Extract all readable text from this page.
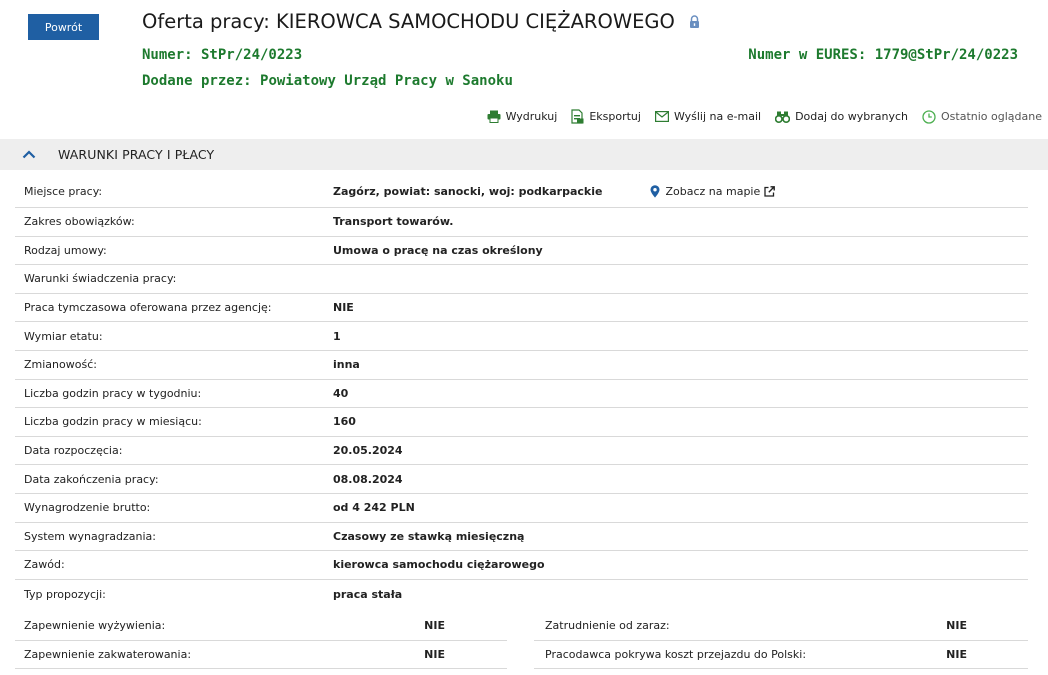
Powrót	Oferta pracy: KIEROWCA SAMOCHODU CIĘŻAROWEGO
Numer: StPr/24/0223	Numer w EURES: 1779@StPr/24/0223
Dodane przez: Powiatowy Urząd Pracy w Sanoku
Wydrukuj	Eksportuj	Wyślij na e-mail	Dodaj do wybranych	Ostatnio oglądane
WARUNKI PRACY I PŁACY
Miejsce pracy:	Zagórz, powiat: sanocki, woj: podkarpackie	Zobacz na mapie
Zakres obowiązków:	Transport towarów.
Rodzaj umowy:	Umowa o pracę na czas określony
Warunki świadczenia pracy:
Praca tymczasowa oferowana przez agencję:	NIE
Wymiar etatu:	1
Zmianowość:	inna
Liczba godzin pracy w tygodniu:	40
Liczba godzin pracy w miesiącu:	160
Data rozpoczęcia:	20.05.2024
Data zakończenia pracy:	08.08.2024
Wynagrodzenie brutto:	od 4 242 PLN
System wynagradzania:	Czasowy ze stawką miesięczną
Zawód:	kierowca samochodu ciężarowego
Typ propozycji:	praca stała
Zapewnienie wyżywienia:	NIE
Zapewnienie zakwaterowania:	NIE
Zatrudnienie od zaraz:	NIE
Pracodawca pokrywa koszt przejazdu do Polski:	NIE
